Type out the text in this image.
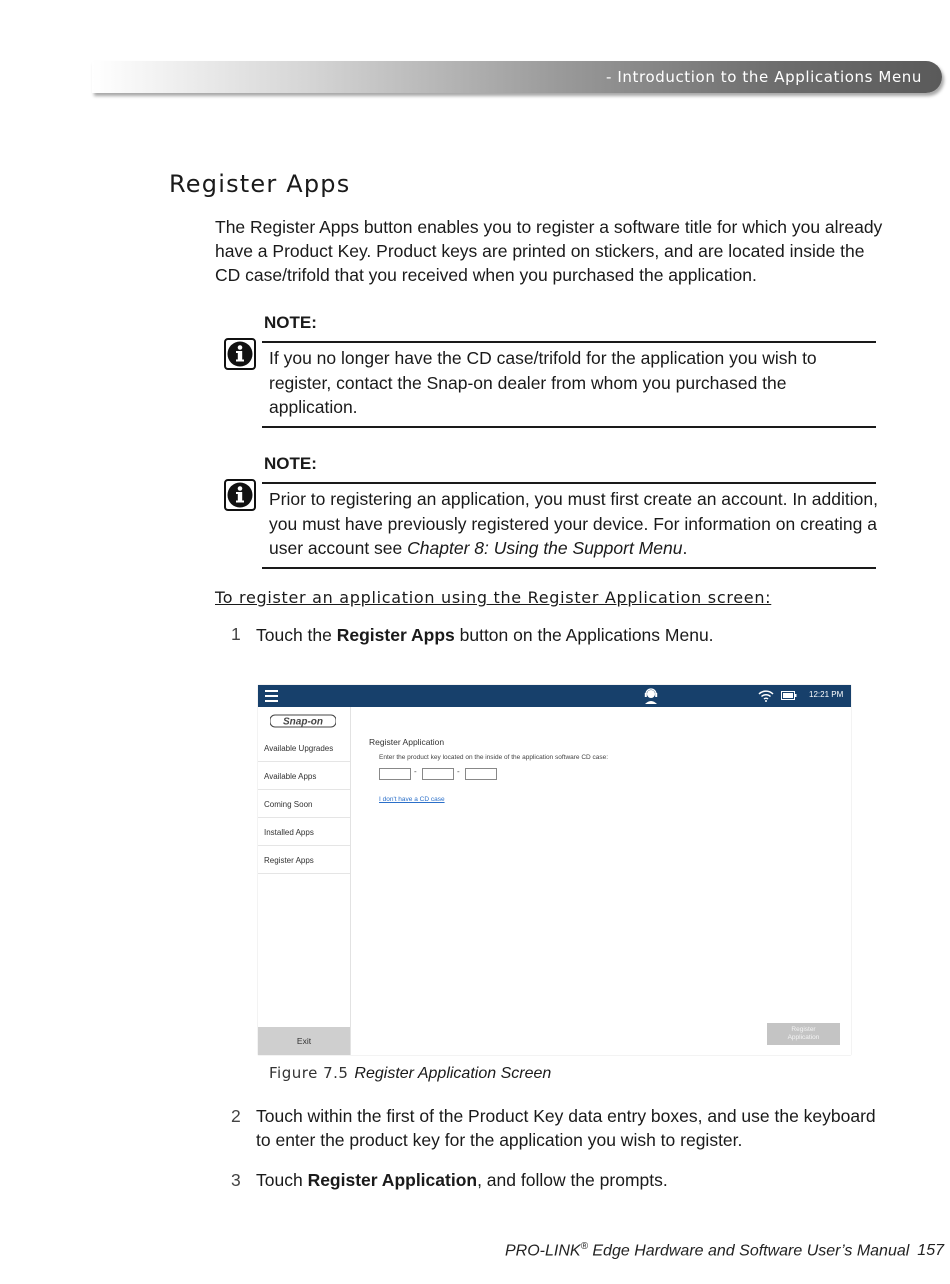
- Introduction to the Applications Menu
Register Apps

The Register Apps button enables you to register a software title for which you already have a Product Key. Product keys are printed on stickers, and are located inside the CD case/trifold that you received when you purchased the application.

NOTE:

If you no longer have the CD case/trifold for the application you wish to register, contact the Snap-on dealer from whom you purchased the application.

NOTE:

Prior to registering an application, you must first create an account. In addition, you must have previously registered your device. For information on creating a user account see Chapter 8: Using the Support Menu.

To register an application using the Register Application screen:
1 Touch the Register Apps button on the Applications Menu.

12:21 PM
Snap-on
Available Upgrades
Available Apps
Coming Soon
Installed Apps
Register Apps
Exit
Register Application
Enter the product key located on the inside of the application software CD case:
-	-
I don't have a CD case
Register
Application
Figure 7.5 Register Application Screen
2 Touch within the first of the Product Key data entry boxes, and use the keyboard to enter the product key for the application you wish to register.

3 Touch Register Application, and follow the prompts.

PRO-LINK® Edge Hardware and Software User’s Manual 157
